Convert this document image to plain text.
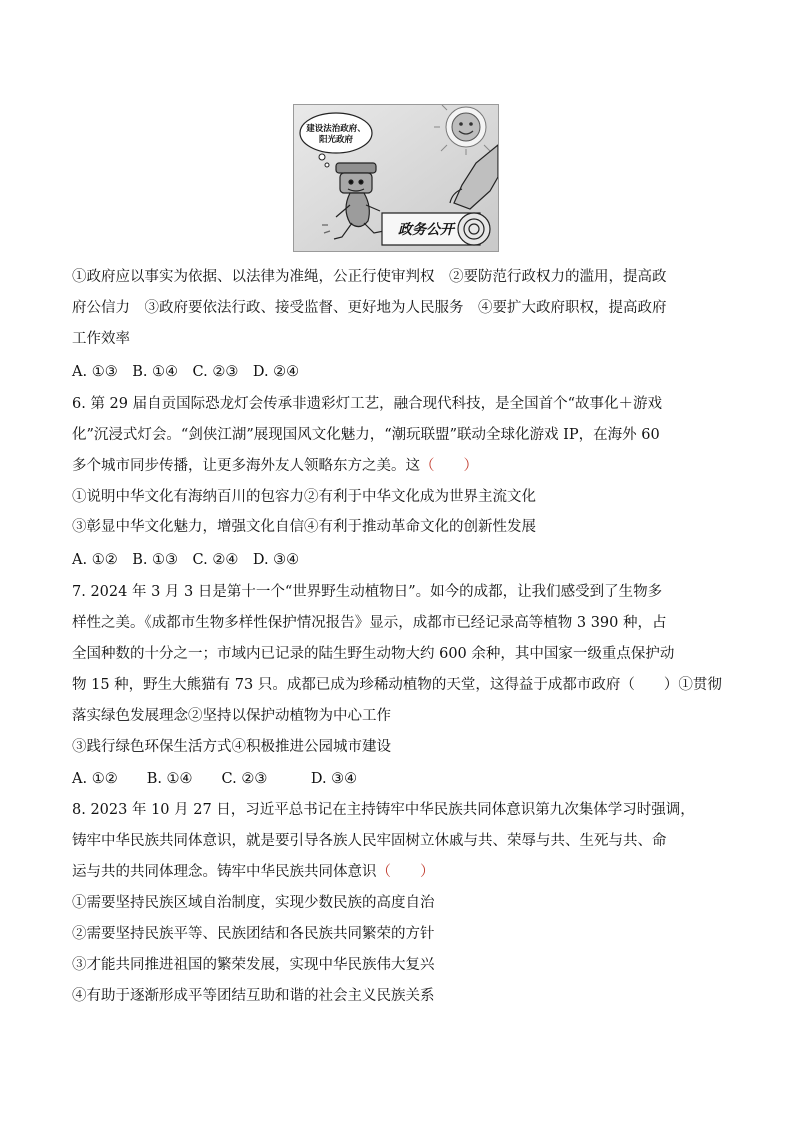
建设法治政府、
阳光政府
政务公开
①政府应以事实为依据、以法律为准绳，公正行使审判权　②要防范行政权力的滥用，提高政
府公信力　③政府要依法行政、接受监督、更好地为人民服务　④要扩大政府职权，提高政府
工作效率
A. ①③　B. ①④　C. ②③　D. ②④
6. 第 29 届自贡国际恐龙灯会传承非遗彩灯工艺，融合现代科技，是全国首个“故事化＋游戏
化”沉浸式灯会。“剑侠江湖”展现国风文化魅力，“潮玩联盟”联动全球化游戏 IP，在海外 60
多个城市同步传播，让更多海外友人领略东方之美。这（　　）
①说明中华文化有海纳百川的包容力②有利于中华文化成为世界主流文化
③彰显中华文化魅力，增强文化自信④有利于推动革命文化的创新性发展
A. ①②　B. ①③　C. ②④　D. ③④
7. 2024 年 3 月 3 日是第十一个“世界野生动植物日”。如今的成都，让我们感受到了生物多
样性之美。《成都市生物多样性保护情况报告》显示，成都市已经记录高等植物 3 390 种，占
全国种数的十分之一；市域内已记录的陆生野生动物大约 600 余种，其中国家一级重点保护动
物 15 种，野生大熊猫有 73 只。成都已成为珍稀动植物的天堂，这得益于成都市政府（　　）①贯彻
落实绿色发展理念②坚持以保护动植物为中心工作
③践行绿色环保生活方式④积极推进公园城市建设
A. ①②　　B. ①④　　C. ②③　　　D. ③④
8. 2023 年 10 月 27 日，习近平总书记在主持铸牢中华民族共同体意识第九次集体学习时强调，
铸牢中华民族共同体意识，就是要引导各族人民牢固树立休戚与共、荣辱与共、生死与共、命
运与共的共同体理念。铸牢中华民族共同体意识（　　）
①需要坚持民族区域自治制度，实现少数民族的高度自治
②需要坚持民族平等、民族团结和各民族共同繁荣的方针
③才能共同推进祖国的繁荣发展，实现中华民族伟大复兴
④有助于逐渐形成平等团结互助和谐的社会主义民族关系
